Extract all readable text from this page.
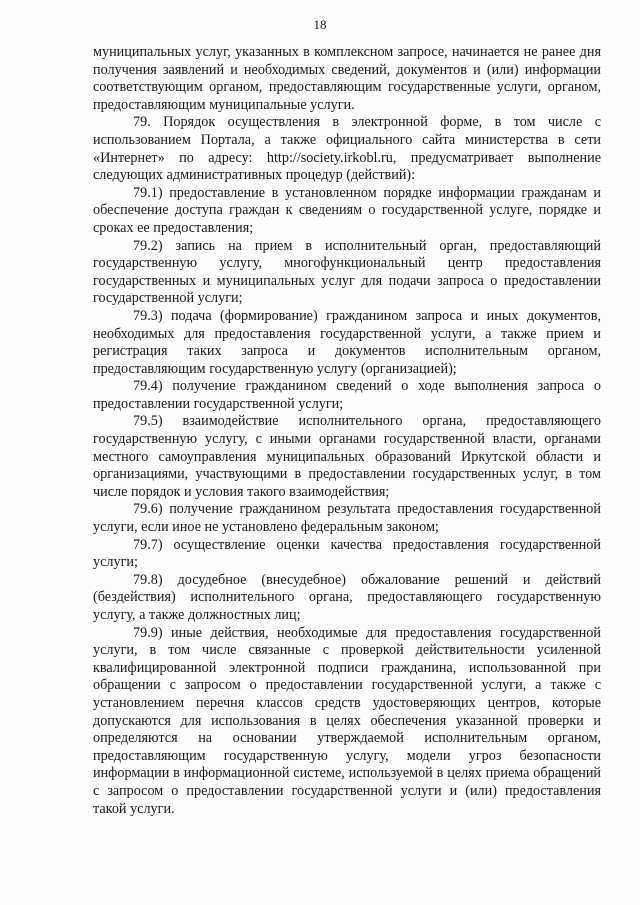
18

муниципальных услуг, указанных в комплексном запросе, начинается не ранее дня получения заявлений и необходимых сведений, документов и (или) информации соответствующим органом, предоставляющим государственные услуги, органом, предоставляющим муниципальные услуги.

79. Порядок осуществления в электронной форме, в том числе с использованием Портала, а также официального сайта министерства в сети «Интернет» по адресу: http://society.irkobl.ru, предусматривает выполнение следующих административных процедур (действий):

79.1) предоставление в установленном порядке информации гражданам и обеспечение доступа граждан к сведениям о государственной услуге, порядке и сроках ее предоставления;

79.2) запись на прием в исполнительный орган, предоставляющий государственную услугу, многофункциональный центр предоставления государственных и муниципальных услуг для подачи запроса о предоставлении государственной услуги;

79.3) подача (формирование) гражданином запроса и иных документов, необходимых для предоставления государственной услуги, а также прием и регистрация таких запроса и документов исполнительным органом, предоставляющим государственную услугу (организацией);

79.4) получение гражданином сведений о ходе выполнения запроса о предоставлении государственной услуги;

79.5) взаимодействие исполнительного органа, предоставляющего государственную услугу, с иными органами государственной власти, органами местного самоуправления муниципальных образований Иркутской области и организациями, участвующими в предоставлении государственных услуг, в том числе порядок и условия такого взаимодействия;

79.6) получение гражданином результата предоставления государственной услуги, если иное не установлено федеральным законом;

79.7) осуществление оценки качества предоставления государственной услуги;

79.8) досудебное (внесудебное) обжалование решений и действий (бездействия) исполнительного органа, предоставляющего государственную услугу, а также должностных лиц;

79.9) иные действия, необходимые для предоставления государственной услуги, в том числе связанные с проверкой действительности усиленной квалифицированной электронной подписи гражданина, использованной при обращении с запросом о предоставлении государственной услуги, а также с установлением перечня классов средств удостоверяющих центров, которые допускаются для использования в целях обеспечения указанной проверки и определяются на основании утверждаемой исполнительным органом, предоставляющим государственную услугу, модели угроз безопасности информации в информационной системе, используемой в целях приема обращений с запросом о предоставлении государственной услуги и (или) предоставления такой услуги.
